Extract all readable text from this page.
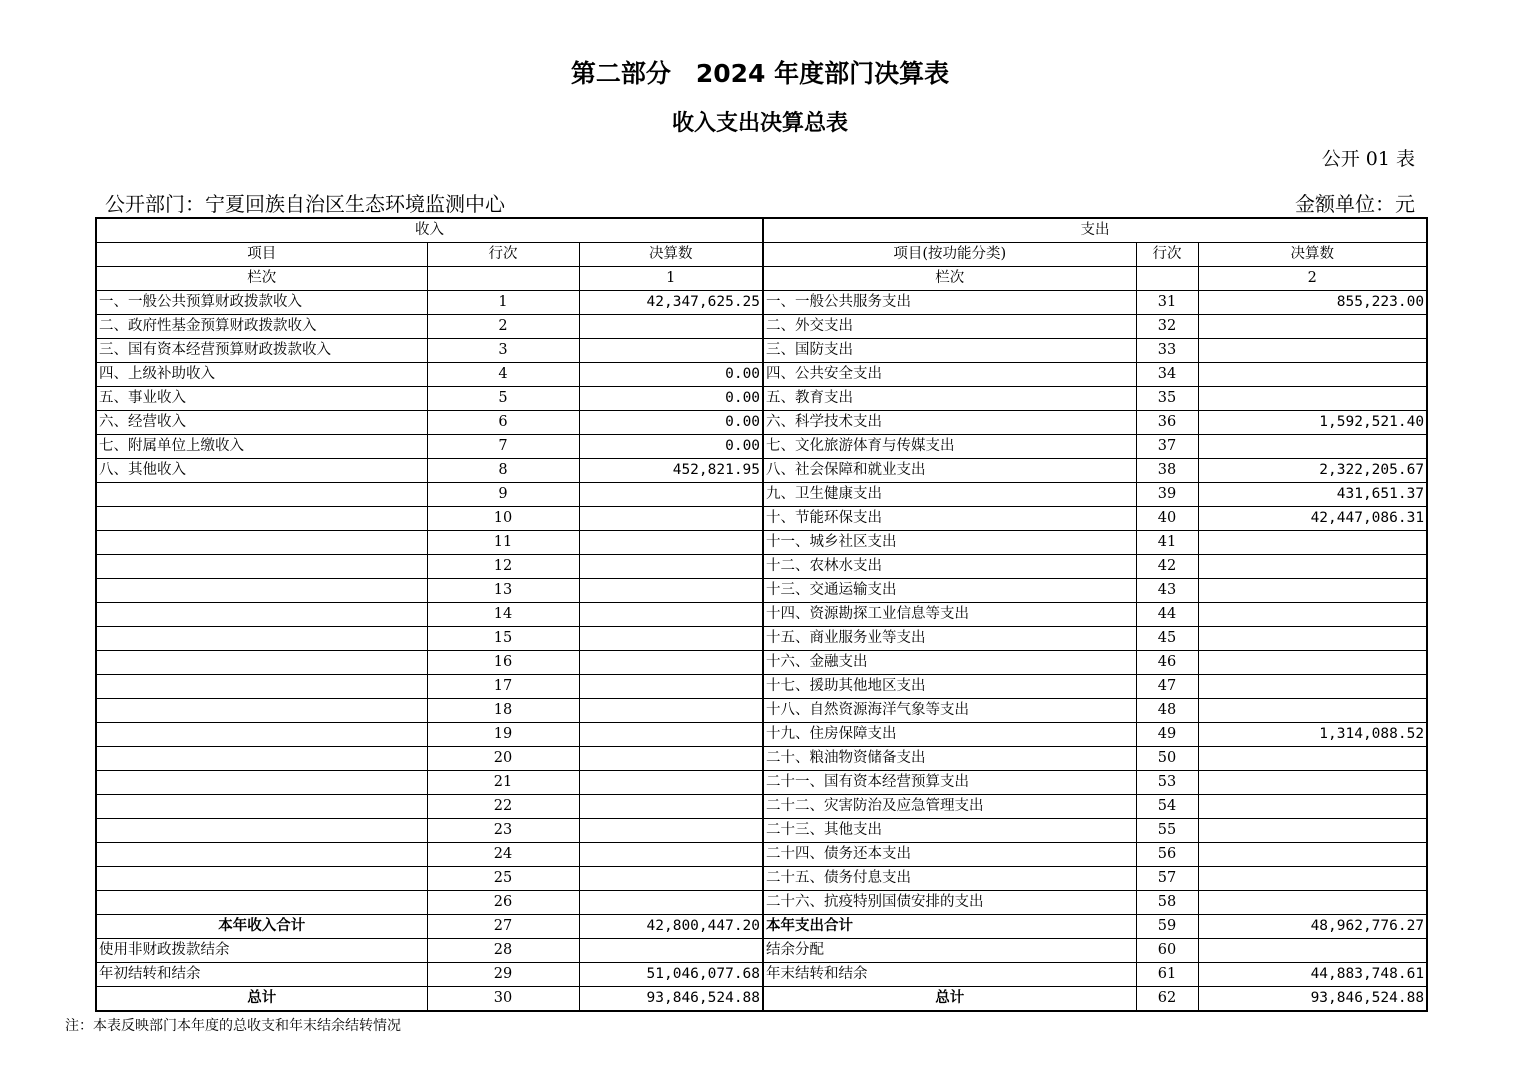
第二部分　2024 年度部门决算表
收入支出决算总表
公开 01 表
公开部门：宁夏回族自治区生态环境监测中心	金额单位：元
收入			支出		
项目	行次	决算数	项目(按功能分类)	行次	决算数
栏次		1	栏次		2
一、一般公共预算财政拨款收入	1	42,347,625.25	一、一般公共服务支出	31	855,223.00
二、政府性基金预算财政拨款收入	2		二、外交支出	32	
三、国有资本经营预算财政拨款收入	3		三、国防支出	33	
四、上级补助收入	4	0.00	四、公共安全支出	34	
五、事业收入	5	0.00	五、教育支出	35	
六、经营收入	6	0.00	六、科学技术支出	36	1,592,521.40
七、附属单位上缴收入	7	0.00	七、文化旅游体育与传媒支出	37	
八、其他收入	8	452,821.95	八、社会保障和就业支出	38	2,322,205.67
	9		九、卫生健康支出	39	431,651.37
	10		十、节能环保支出	40	42,447,086.31
	11		十一、城乡社区支出	41	
	12		十二、农林水支出	42	
	13		十三、交通运输支出	43	
	14		十四、资源勘探工业信息等支出	44	
	15		十五、商业服务业等支出	45	
	16		十六、金融支出	46	
	17		十七、援助其他地区支出	47	
	18		十八、自然资源海洋气象等支出	48	
	19		十九、住房保障支出	49	1,314,088.52
	20		二十、粮油物资储备支出	50	
	21		二十一、国有资本经营预算支出	53	
	22		二十二、灾害防治及应急管理支出	54	
	23		二十三、其他支出	55	
	24		二十四、债务还本支出	56	
	25		二十五、债务付息支出	57	
	26		二十六、抗疫特别国债安排的支出	58	
本年收入合计	27	42,800,447.20	本年支出合计	59	48,962,776.27
使用非财政拨款结余	28		结余分配	60	
年初结转和结余	29	51,046,077.68	年末结转和结余	61	44,883,748.61
总计	30	93,846,524.88	总计	62	93,846,524.88
注：本表反映部门本年度的总收支和年末结余结转情况
